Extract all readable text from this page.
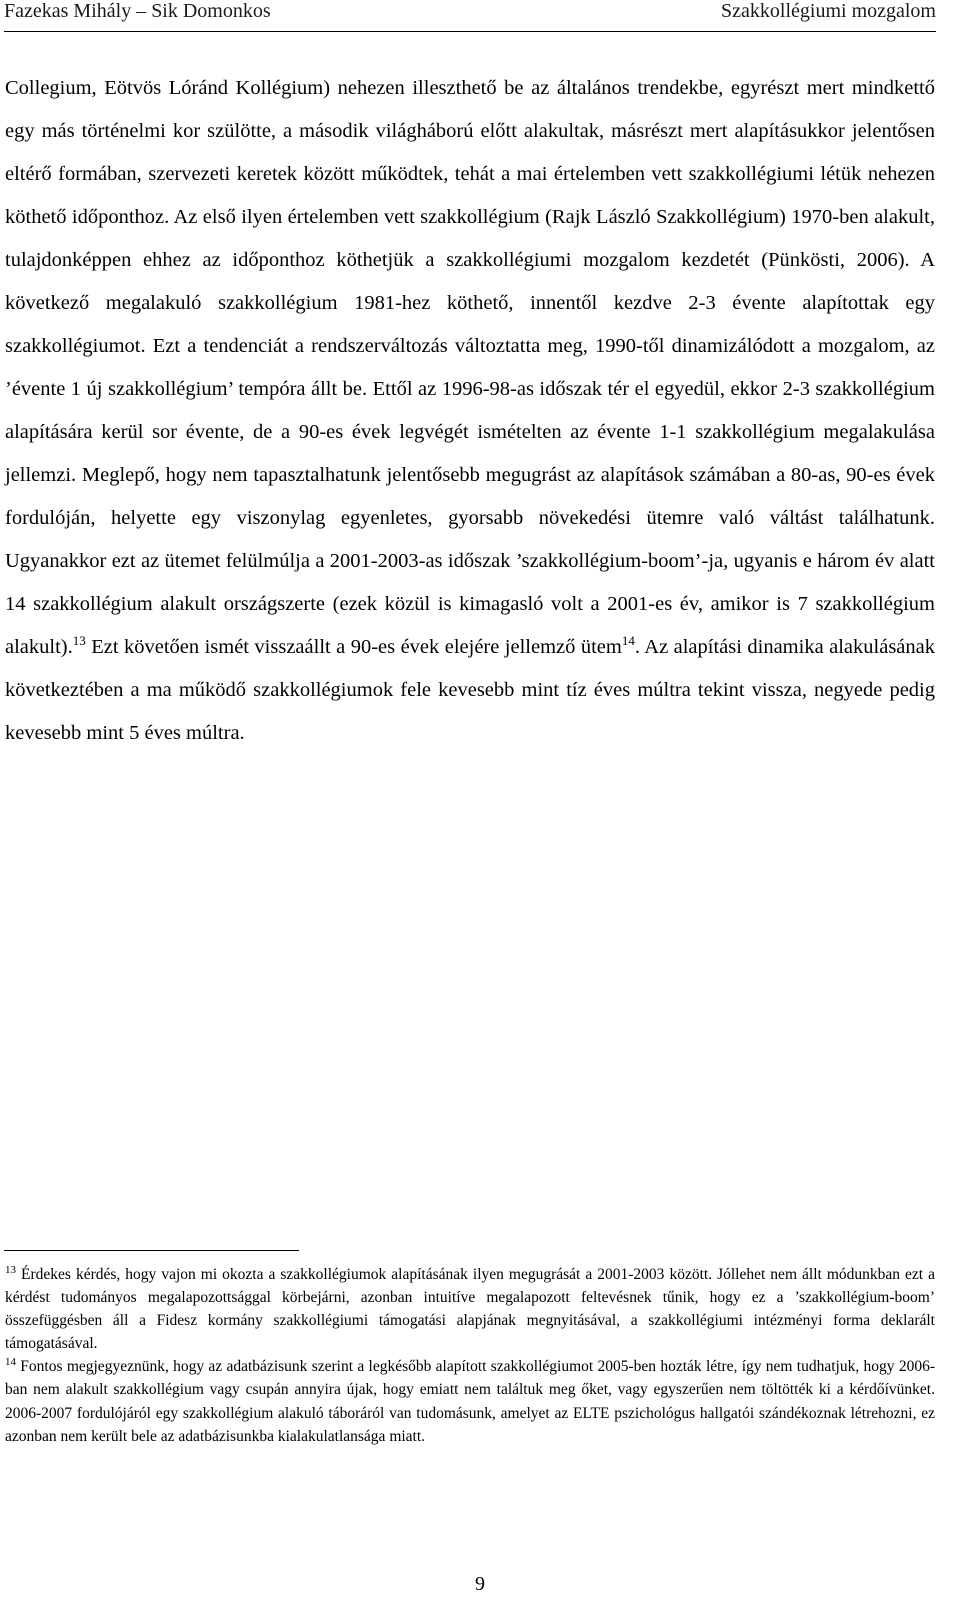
Fazekas Mihály – Sik Domonkos	Szakkollégiumi mozgalom

Collegium, Eötvös Lóránd Kollégium) nehezen illeszthető be az általános trendekbe, egyrészt mert mindkettő egy más történelmi kor szülötte, a második világháború előtt alakultak, másrészt mert alapításukkor jelentősen eltérő formában, szervezeti keretek között működtek, tehát a mai értelemben vett szakkollégiumi létük nehezen köthető időponthoz. Az első ilyen értelemben vett szakkollégium (Rajk László Szakkollégium) 1970-ben alakult, tulajdonképpen ehhez az időponthoz köthetjük a szakkollégiumi mozgalom kezdetét (Pünkösti, 2006). A következő megalakuló szakkollégium 1981-hez köthető, innentől kezdve 2-3 évente alapítottak egy szakkollégiumot. Ezt a tendenciát a rendszerváltozás változtatta meg, 1990-től dinamizálódott a mozgalom, az ’évente 1 új szakkollégium’ tempóra állt be. Ettől az 1996-98-as időszak tér el egyedül, ekkor 2-3 szakkollégium alapítására kerül sor évente, de a 90-es évek legvégét ismételten az évente 1-1 szakkollégium megalakulása jellemzi. Meglepő, hogy nem tapasztalhatunk jelentősebb megugrást az alapítások számában a 80-as, 90-es évek fordulóján, helyette egy viszonylag egyenletes, gyorsabb növekedési ütemre való váltást találhatunk. Ugyanakkor ezt az ütemet felülmúlja a 2001-2003-as időszak ’szakkollégium-boom’-ja, ugyanis e három év alatt 14 szakkollégium alakult országszerte (ezek közül is kimagasló volt a 2001-es év, amikor is 7 szakkollégium alakult).$^{13}$ Ezt követően ismét visszaállt a 90-es évek elejére jellemző ütem$^{14}$. Az alapítási dinamika alakulásának következtében a ma működő szakkollégiumok fele kevesebb mint tíz éves múltra tekint vissza, negyede pedig kevesebb mint 5 éves múltra.

$^{13}$ Érdekes kérdés, hogy vajon mi okozta a szakkollégiumok alapításának ilyen megugrását a 2001-2003 között. Jóllehet nem állt módunkban ezt a kérdést tudományos megalapozottsággal körbejárni, azonban intuitíve megalapozott feltevésnek tűnik, hogy ez a ’szakkollégium-boom’ összefüggésben áll a Fidesz kormány szakkollégiumi támogatási alapjának megnyitásával, a szakkollégiumi intézményi forma deklarált támogatásával.

$^{14}$ Fontos megjegyeznünk, hogy az adatbázisunk szerint a legkésőbb alapított szakkollégiumot 2005-ben hozták létre, így nem tudhatjuk, hogy 2006-ban nem alakult szakkollégium vagy csupán annyira újak, hogy emiatt nem találtuk meg őket, vagy egyszerűen nem töltötték ki a kérdőívünket. 2006-2007 fordulójáról egy szakkollégium alakuló táboráról van tudomásunk, amelyet az ELTE pszichológus hallgatói szándékoznak létrehozni, ez azonban nem került bele az adatbázisunkba kialakulatlansága miatt.

9
